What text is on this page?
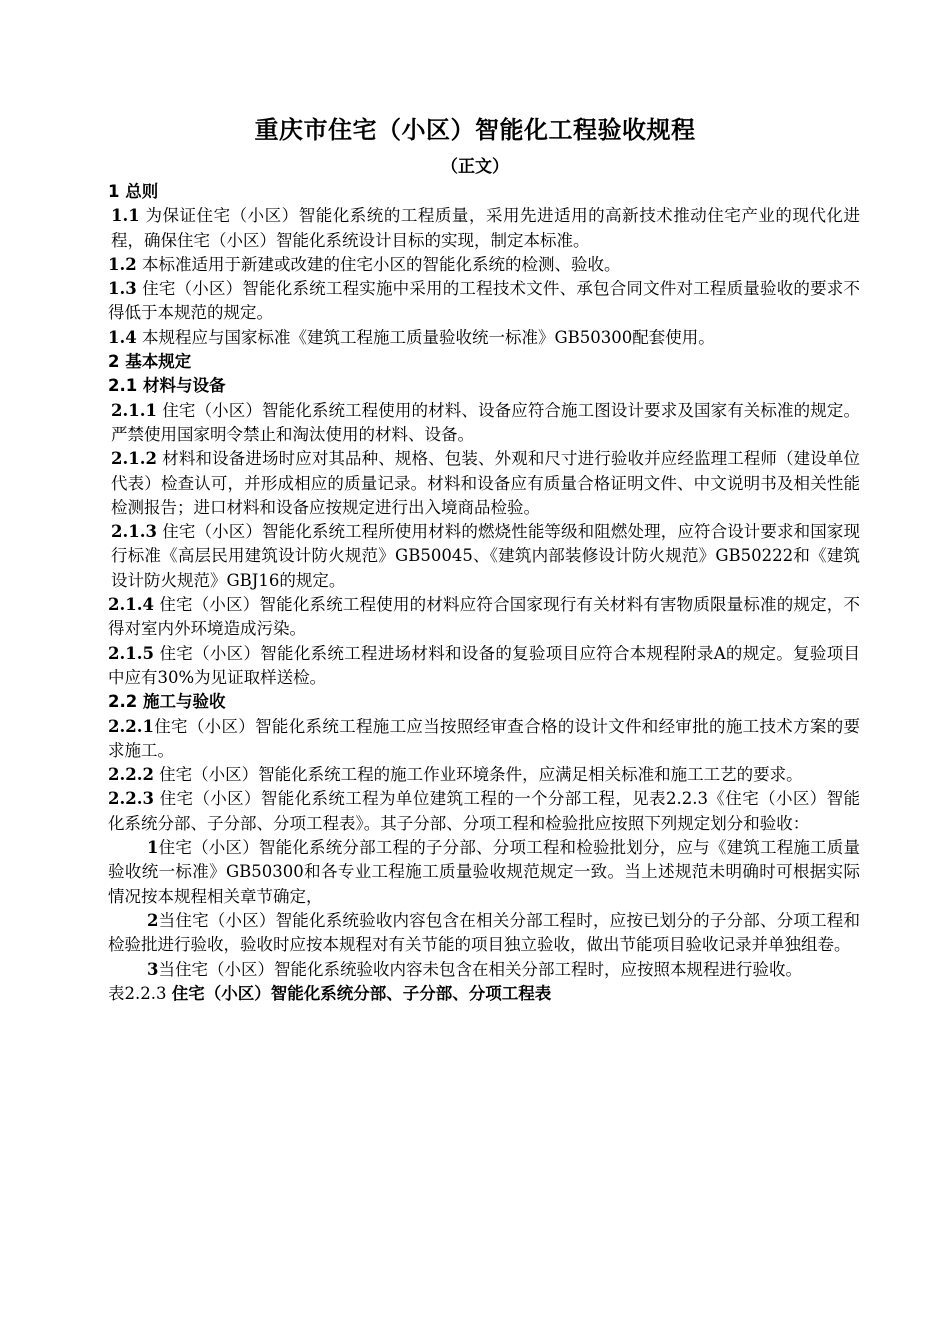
重庆市住宅（小区）智能化工程验收规程
（正文）

1 总则

1.1 为保证住宅（小区）智能化系统的工程质量，采用先进适用的高新技术推动住宅产业的现代化进程，确保住宅（小区）智能化系统设计目标的实现，制定本标准。

1.2 本标准适用于新建或改建的住宅小区的智能化系统的检测、验收。

1.3 住宅（小区）智能化系统工程实施中采用的工程技术文件、承包合同文件对工程质量验收的要求不得低于本规范的规定。

1.4 本规程应与国家标准《建筑工程施工质量验收统一标准》GB50300配套使用。

2 基本规定

2.1 材料与设备

2.1.1 住宅（小区）智能化系统工程使用的材料、设备应符合施工图设计要求及国家有关标准的规定。严禁使用国家明令禁止和淘汰使用的材料、设备。

2.1.2 材料和设备进场时应对其品种、规格、包装、外观和尺寸进行验收并应经监理工程师（建设单位代表）检查认可，并形成相应的质量记录。材料和设备应有质量合格证明文件、中文说明书及相关性能检测报告；进口材料和设备应按规定进行出入境商品检验。

2.1.3 住宅（小区）智能化系统工程所使用材料的燃烧性能等级和阻燃处理，应符合设计要求和国家现行标准《高层民用建筑设计防火规范》GB50045、《建筑内部装修设计防火规范》GB50222和《建筑设计防火规范》GBJ16的规定。

2.1.4 住宅（小区）智能化系统工程使用的材料应符合国家现行有关材料有害物质限量标准的规定，不得对室内外环境造成污染。

2.1.5 住宅（小区）智能化系统工程进场材料和设备的复验项目应符合本规程附录A的规定。复验项目中应有30%为见证取样送检。

2.2 施工与验收

2.2.1住宅（小区）智能化系统工程施工应当按照经审查合格的设计文件和经审批的施工技术方案的要求施工。

2.2.2 住宅（小区）智能化系统工程的施工作业环境条件，应满足相关标准和施工工艺的要求。

2.2.3 住宅（小区）智能化系统工程为单位建筑工程的一个分部工程，见表2.2.3《住宅（小区）智能化系统分部、子分部、分项工程表》。其子分部、分项工程和检验批应按照下列规定划分和验收：

1住宅（小区）智能化系统分部工程的子分部、分项工程和检验批划分，应与《建筑工程施工质量验收统一标准》GB50300和各专业工程施工质量验收规范规定一致。当上述规范未明确时可根据实际情况按本规程相关章节确定，

2当住宅（小区）智能化系统验收内容包含在相关分部工程时，应按已划分的子分部、分项工程和检验批进行验收，验收时应按本规程对有关节能的项目独立验收，做出节能项目验收记录并单独组卷。

3当住宅（小区）智能化系统验收内容未包含在相关分部工程时，应按照本规程进行验收。

表2.2.3 住宅（小区）智能化系统分部、子分部、分项工程表
